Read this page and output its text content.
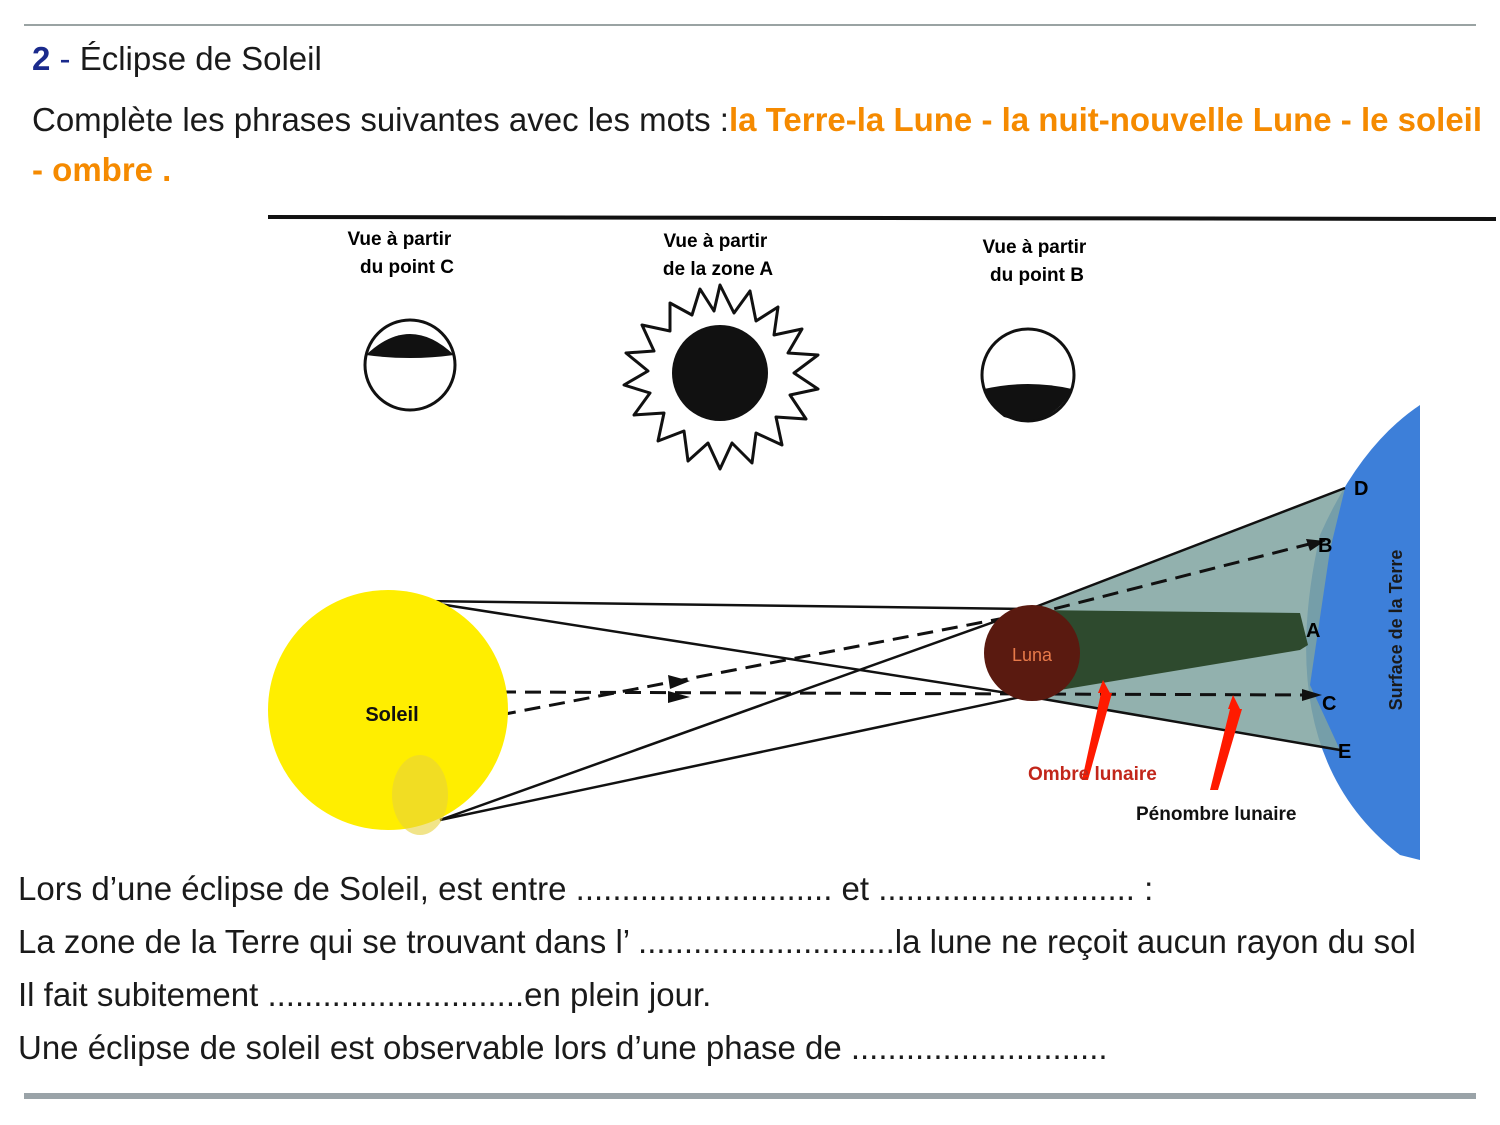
2 - Éclipse de Soleil
Complète les phrases suivantes avec les mots :la Terre-la Lune - la nuit-nouvelle Lune - le soleil - ombre .
Vue à partir du point C
Vue à partir de la zone A
Vue à partir du point B
Soleil
Luna
D
B
A
C
E
Surface de la Terre
Ombre lunaire
Pénombre lunaire
Lors d’une éclipse de Soleil, est entre ............................ et ............................ :
La zone de la Terre qui se trouvant dans l’ ............................la lune ne reçoit aucun rayon du sol
Il fait subitement ............................en plein jour.
Une éclipse de soleil est observable lors d’une phase de ............................
